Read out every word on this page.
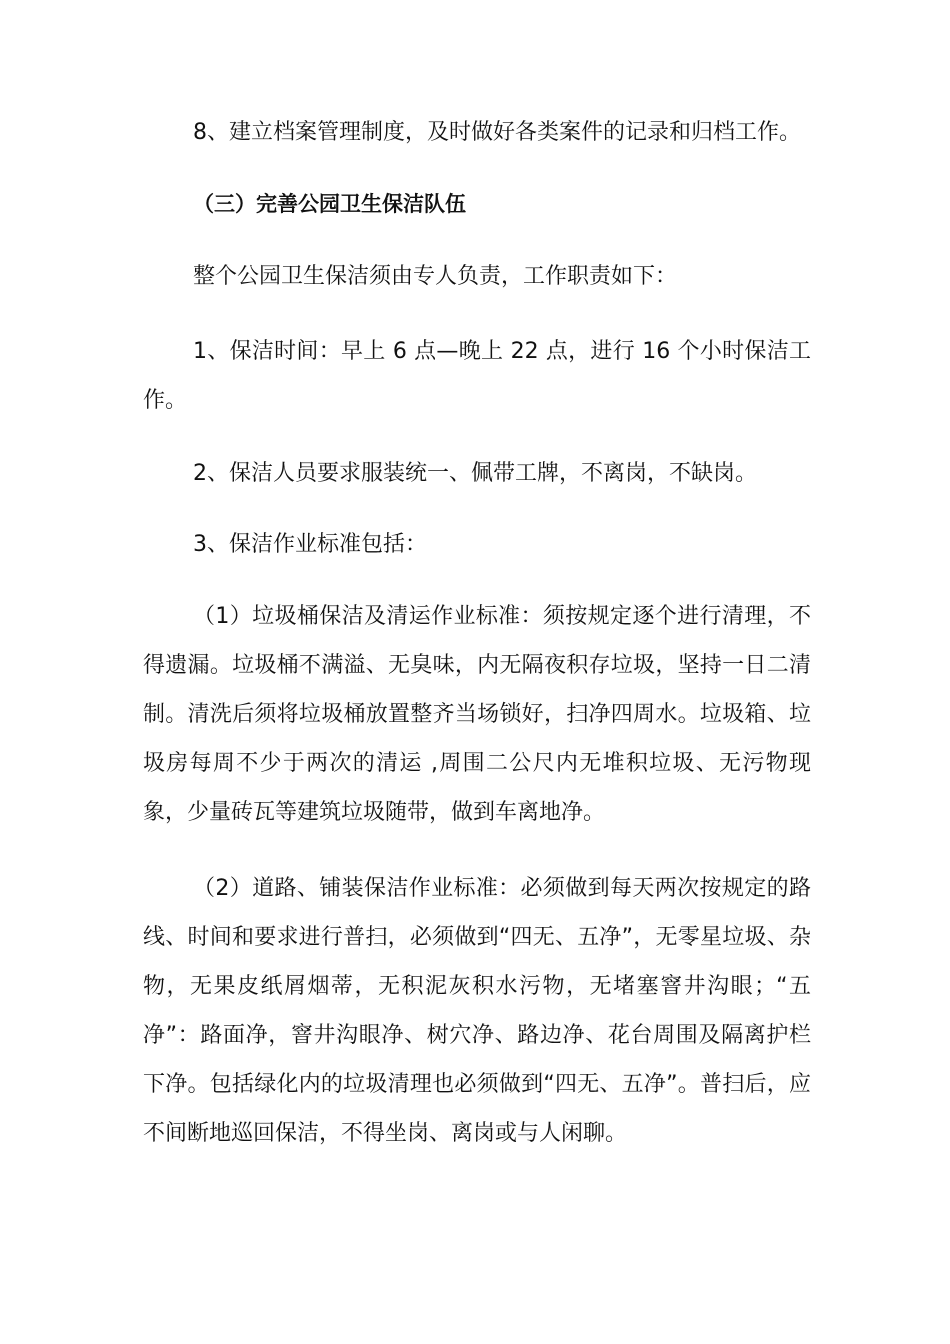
8、建立档案管理制度，及时做好各类案件的记录和归档工作。

（三）完善公园卫生保洁队伍

整个公园卫生保洁须由专人负责，工作职责如下：

1、保洁时间：早上 6 点—晚上 22 点，进行 16 个小时保洁工作。

2、保洁人员要求服装统一、佩带工牌，不离岗，不缺岗。

3、保洁作业标准包括：

（1）垃圾桶保洁及清运作业标准：须按规定逐个进行清理，不得遗漏。垃圾桶不满溢、无臭味，内无隔夜积存垃圾，坚持一日二清制。清洗后须将垃圾桶放置整齐当场锁好，扫净四周水。垃圾箱、垃圾房每周不少于两次的清运 ,周围二公尺内无堆积垃圾、无污物现象，少量砖瓦等建筑垃圾随带，做到车离地净。

（2）道路、铺装保洁作业标准：必须做到每天两次按规定的路线、时间和要求进行普扫，必须做到“四无、五净”，无零星垃圾、杂物，无果皮纸屑烟蒂，无积泥灰积水污物，无堵塞窨井沟眼；“五净”：路面净，窨井沟眼净、树穴净、路边净、花台周围及隔离护栏下净。包括绿化内的垃圾清理也必须做到“四无、五净”。普扫后，应不间断地巡回保洁，不得坐岗、离岗或与人闲聊。
